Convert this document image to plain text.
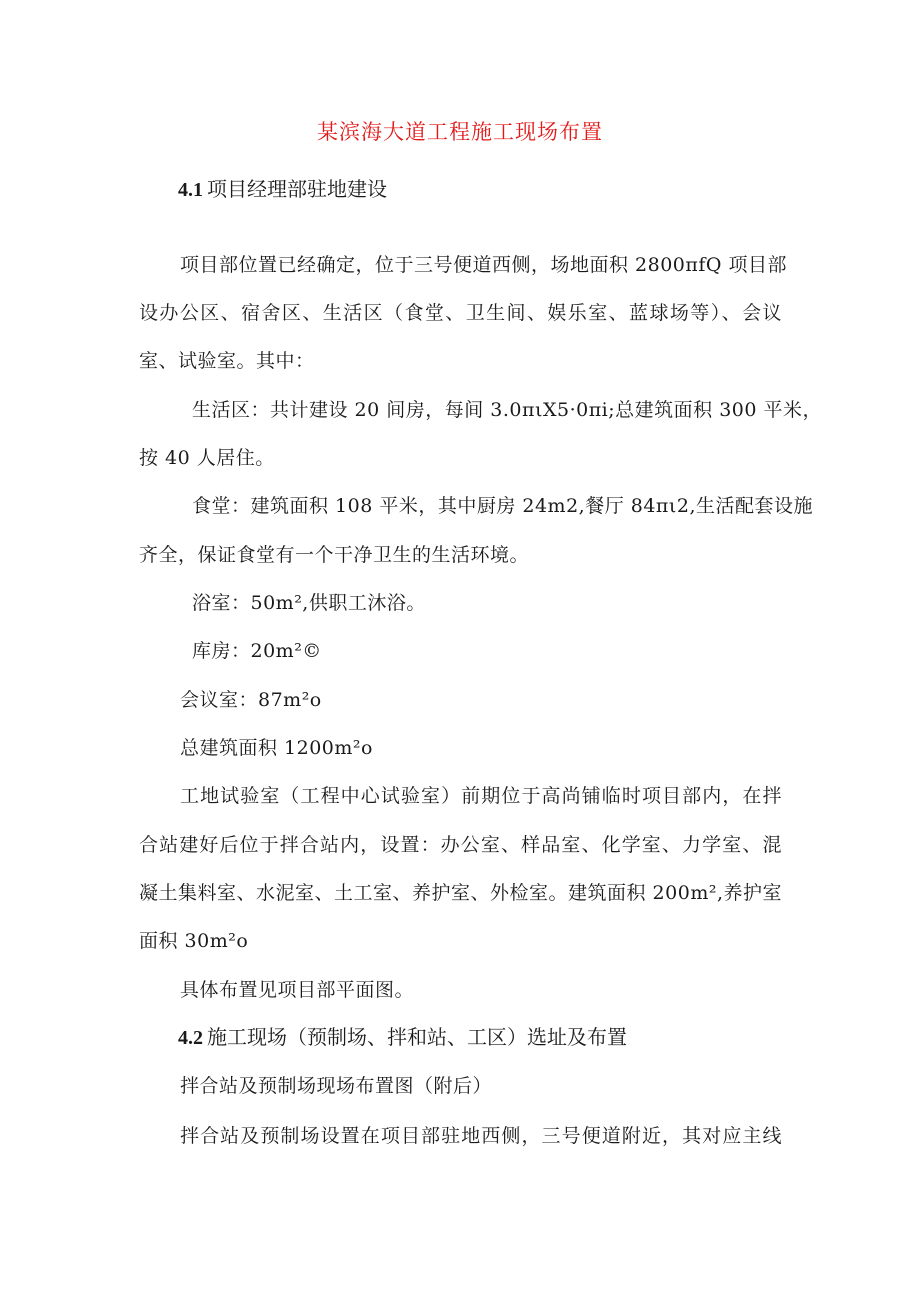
某滨海大道工程施工现场布置
4.1 项目经理部驻地建设
项目部位置已经确定，位于三号便道西侧，场地面积 2800πfQ 项目部
设办公区、宿舍区、生活区（食堂、卫生间、娱乐室、蓝球场等）、会议
室、试验室。其中：
生活区：共计建设 20 间房，每间 3.0πιX5·0πi;总建筑面积 300 平米，
按 40 人居住。
食堂：建筑面积 108 平米，其中厨房 24m2,餐厅 84πι2,生活配套设施
齐全，保证食堂有一个干净卫生的生活环境。
浴室：50m²,供职工沐浴。
库房：20m²©
会议室：87m²o
总建筑面积 1200m²o
工地试验室（工程中心试验室）前期位于高尚铺临时项目部内，在拌
合站建好后位于拌合站内，设置：办公室、样品室、化学室、力学室、混
凝土集料室、水泥室、土工室、养护室、外检室。建筑面积 200m²,养护室
面积 30m²o
具体布置见项目部平面图。
4.2 施工现场（预制场、拌和站、工区）选址及布置
拌合站及预制场现场布置图（附后）
拌合站及预制场设置在项目部驻地西侧，三号便道附近，其对应主线
